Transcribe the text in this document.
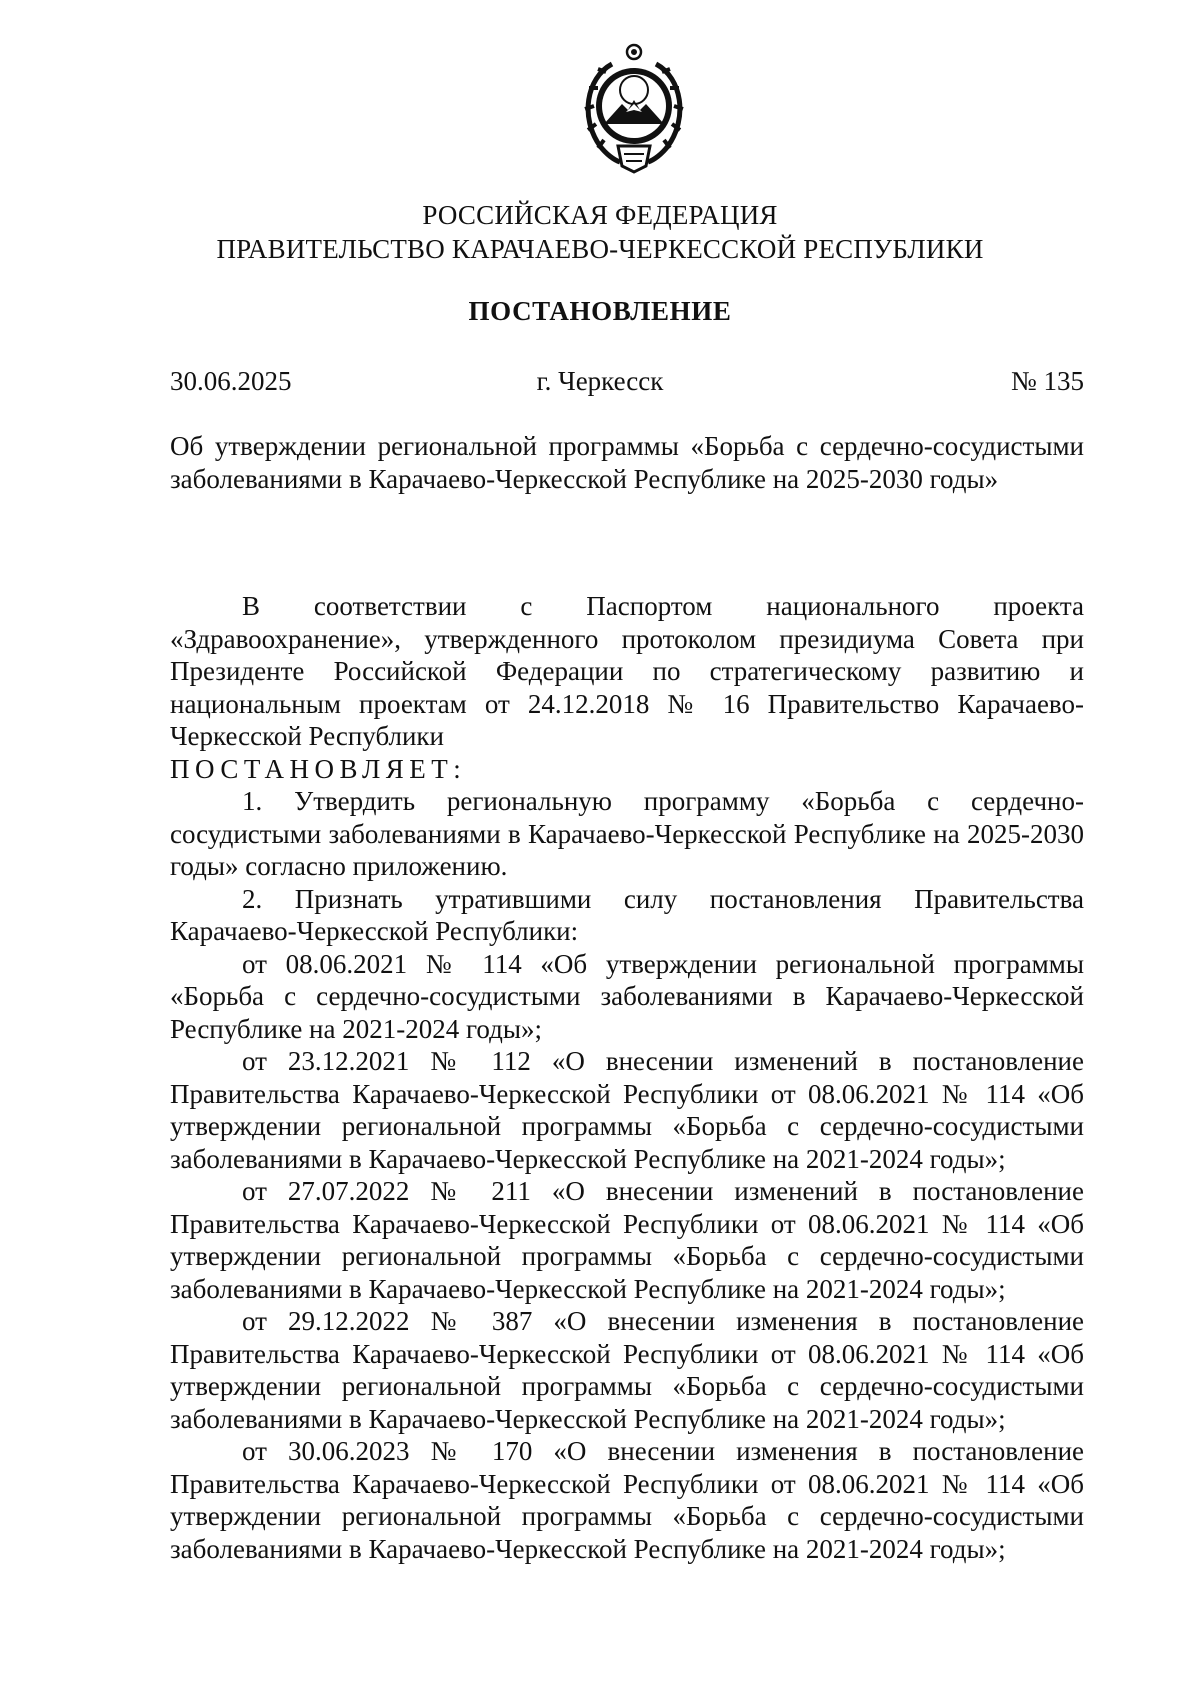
РОССИЙСКАЯ ФЕДЕРАЦИЯ
ПРАВИТЕЛЬСТВО КАРАЧАЕВО-ЧЕРКЕССКОЙ РЕСПУБЛИКИ
ПОСТАНОВЛЕНИЕ
г. Черкесск
30.06.2025	№ 135
Об утверждении региональной программы «Борьба с сердечно-сосудистыми заболеваниями в Карачаево-Черкесской Республике на 2025-2030 годы»

В соответствии с Паспортом национального проекта «Здравоохранение», утвержденного протоколом президиума Совета при Президенте Российской Федерации по стратегическому развитию и национальным проектам от 24.12.2018 № 16 Правительство Карачаево-Черкесской Республики

ПОСТАНОВЛЯЕТ:

1. Утвердить региональную программу «Борьба с сердечно-сосудистыми заболеваниями в Карачаево-Черкесской Республике на 2025-2030 годы» согласно приложению.

2. Признать утратившими силу постановления Правительства Карачаево-Черкесской Республики:

от 08.06.2021 № 114 «Об утверждении региональной программы «Борьба с сердечно-сосудистыми заболеваниями в Карачаево-Черкесской Республике на 2021-2024 годы»;

от 23.12.2021 № 112 «О внесении изменений в постановление Правительства Карачаево-Черкесской Республики от 08.06.2021 № 114 «Об утверждении региональной программы «Борьба с сердечно-сосудистыми заболеваниями в Карачаево-Черкесской Республике на 2021-2024 годы»;

от 27.07.2022 № 211 «О внесении изменений в постановление Правительства Карачаево-Черкесской Республики от 08.06.2021 № 114 «Об утверждении региональной программы «Борьба с сердечно-сосудистыми заболеваниями в Карачаево-Черкесской Республике на 2021-2024 годы»;

от 29.12.2022 № 387 «О внесении изменения в постановление Правительства Карачаево-Черкесской Республики от 08.06.2021 № 114 «Об утверждении региональной программы «Борьба с сердечно-сосудистыми заболеваниями в Карачаево-Черкесской Республике на 2021-2024 годы»;

от 30.06.2023 № 170 «О внесении изменения в постановление Правительства Карачаево-Черкесской Республики от 08.06.2021 № 114 «Об утверждении региональной программы «Борьба с сердечно-сосудистыми заболеваниями в Карачаево-Черкесской Республике на 2021-2024 годы»;
